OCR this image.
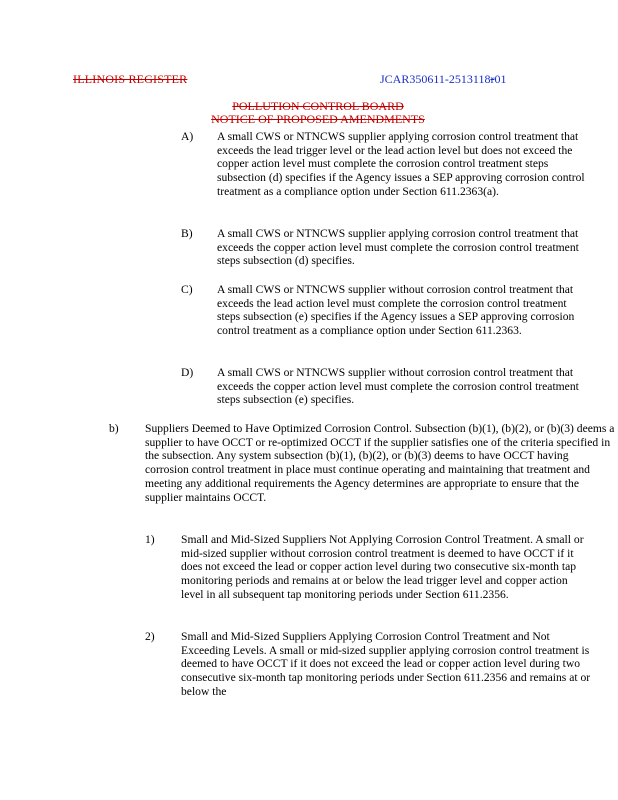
ILLINOIS REGISTER	JCAR350611-2513118r01
POLLUTION CONTROL BOARD
NOTICE OF PROPOSED AMENDMENTS
A) A small CWS or NTNCWS supplier applying corrosion control treatment that exceeds the lead trigger level or the lead action level but does not exceed the copper action level must complete the corrosion control treatment steps subsection (d) specifies if the Agency issues a SEP approving corrosion control treatment as a compliance option under Section 611.2363(a).
B) A small CWS or NTNCWS supplier applying corrosion control treatment that exceeds the copper action level must complete the corrosion control treatment steps subsection (d) specifies.
C) A small CWS or NTNCWS supplier without corrosion control treatment that exceeds the lead action level must complete the corrosion control treatment steps subsection (e) specifies if the Agency issues a SEP approving corrosion control treatment as a compliance option under Section 611.2363.
D) A small CWS or NTNCWS supplier without corrosion control treatment that exceeds the copper action level must complete the corrosion control treatment steps subsection (e) specifies.
b) Suppliers Deemed to Have Optimized Corrosion Control. Subsection (b)(1), (b)(2), or (b)(3) deems a supplier to have OCCT or re-optimized OCCT if the supplier satisfies one of the criteria specified in the subsection. Any system subsection (b)(1), (b)(2), or (b)(3) deems to have OCCT having corrosion control treatment in place must continue operating and maintaining that treatment and meeting any additional requirements the Agency determines are appropriate to ensure that the supplier maintains OCCT.
1) Small and Mid-Sized Suppliers Not Applying Corrosion Control Treatment. A small or mid-sized supplier without corrosion control treatment is deemed to have OCCT if it does not exceed the lead or copper action level during two consecutive six-month tap monitoring periods and remains at or below the lead trigger level and copper action level in all subsequent tap monitoring periods under Section 611.2356.
2) Small and Mid-Sized Suppliers Applying Corrosion Control Treatment and Not Exceeding Levels. A small or mid-sized supplier applying corrosion control treatment is deemed to have OCCT if it does not exceed the lead or copper action level during two consecutive six-month tap monitoring periods under Section 611.2356 and remains at or below the
